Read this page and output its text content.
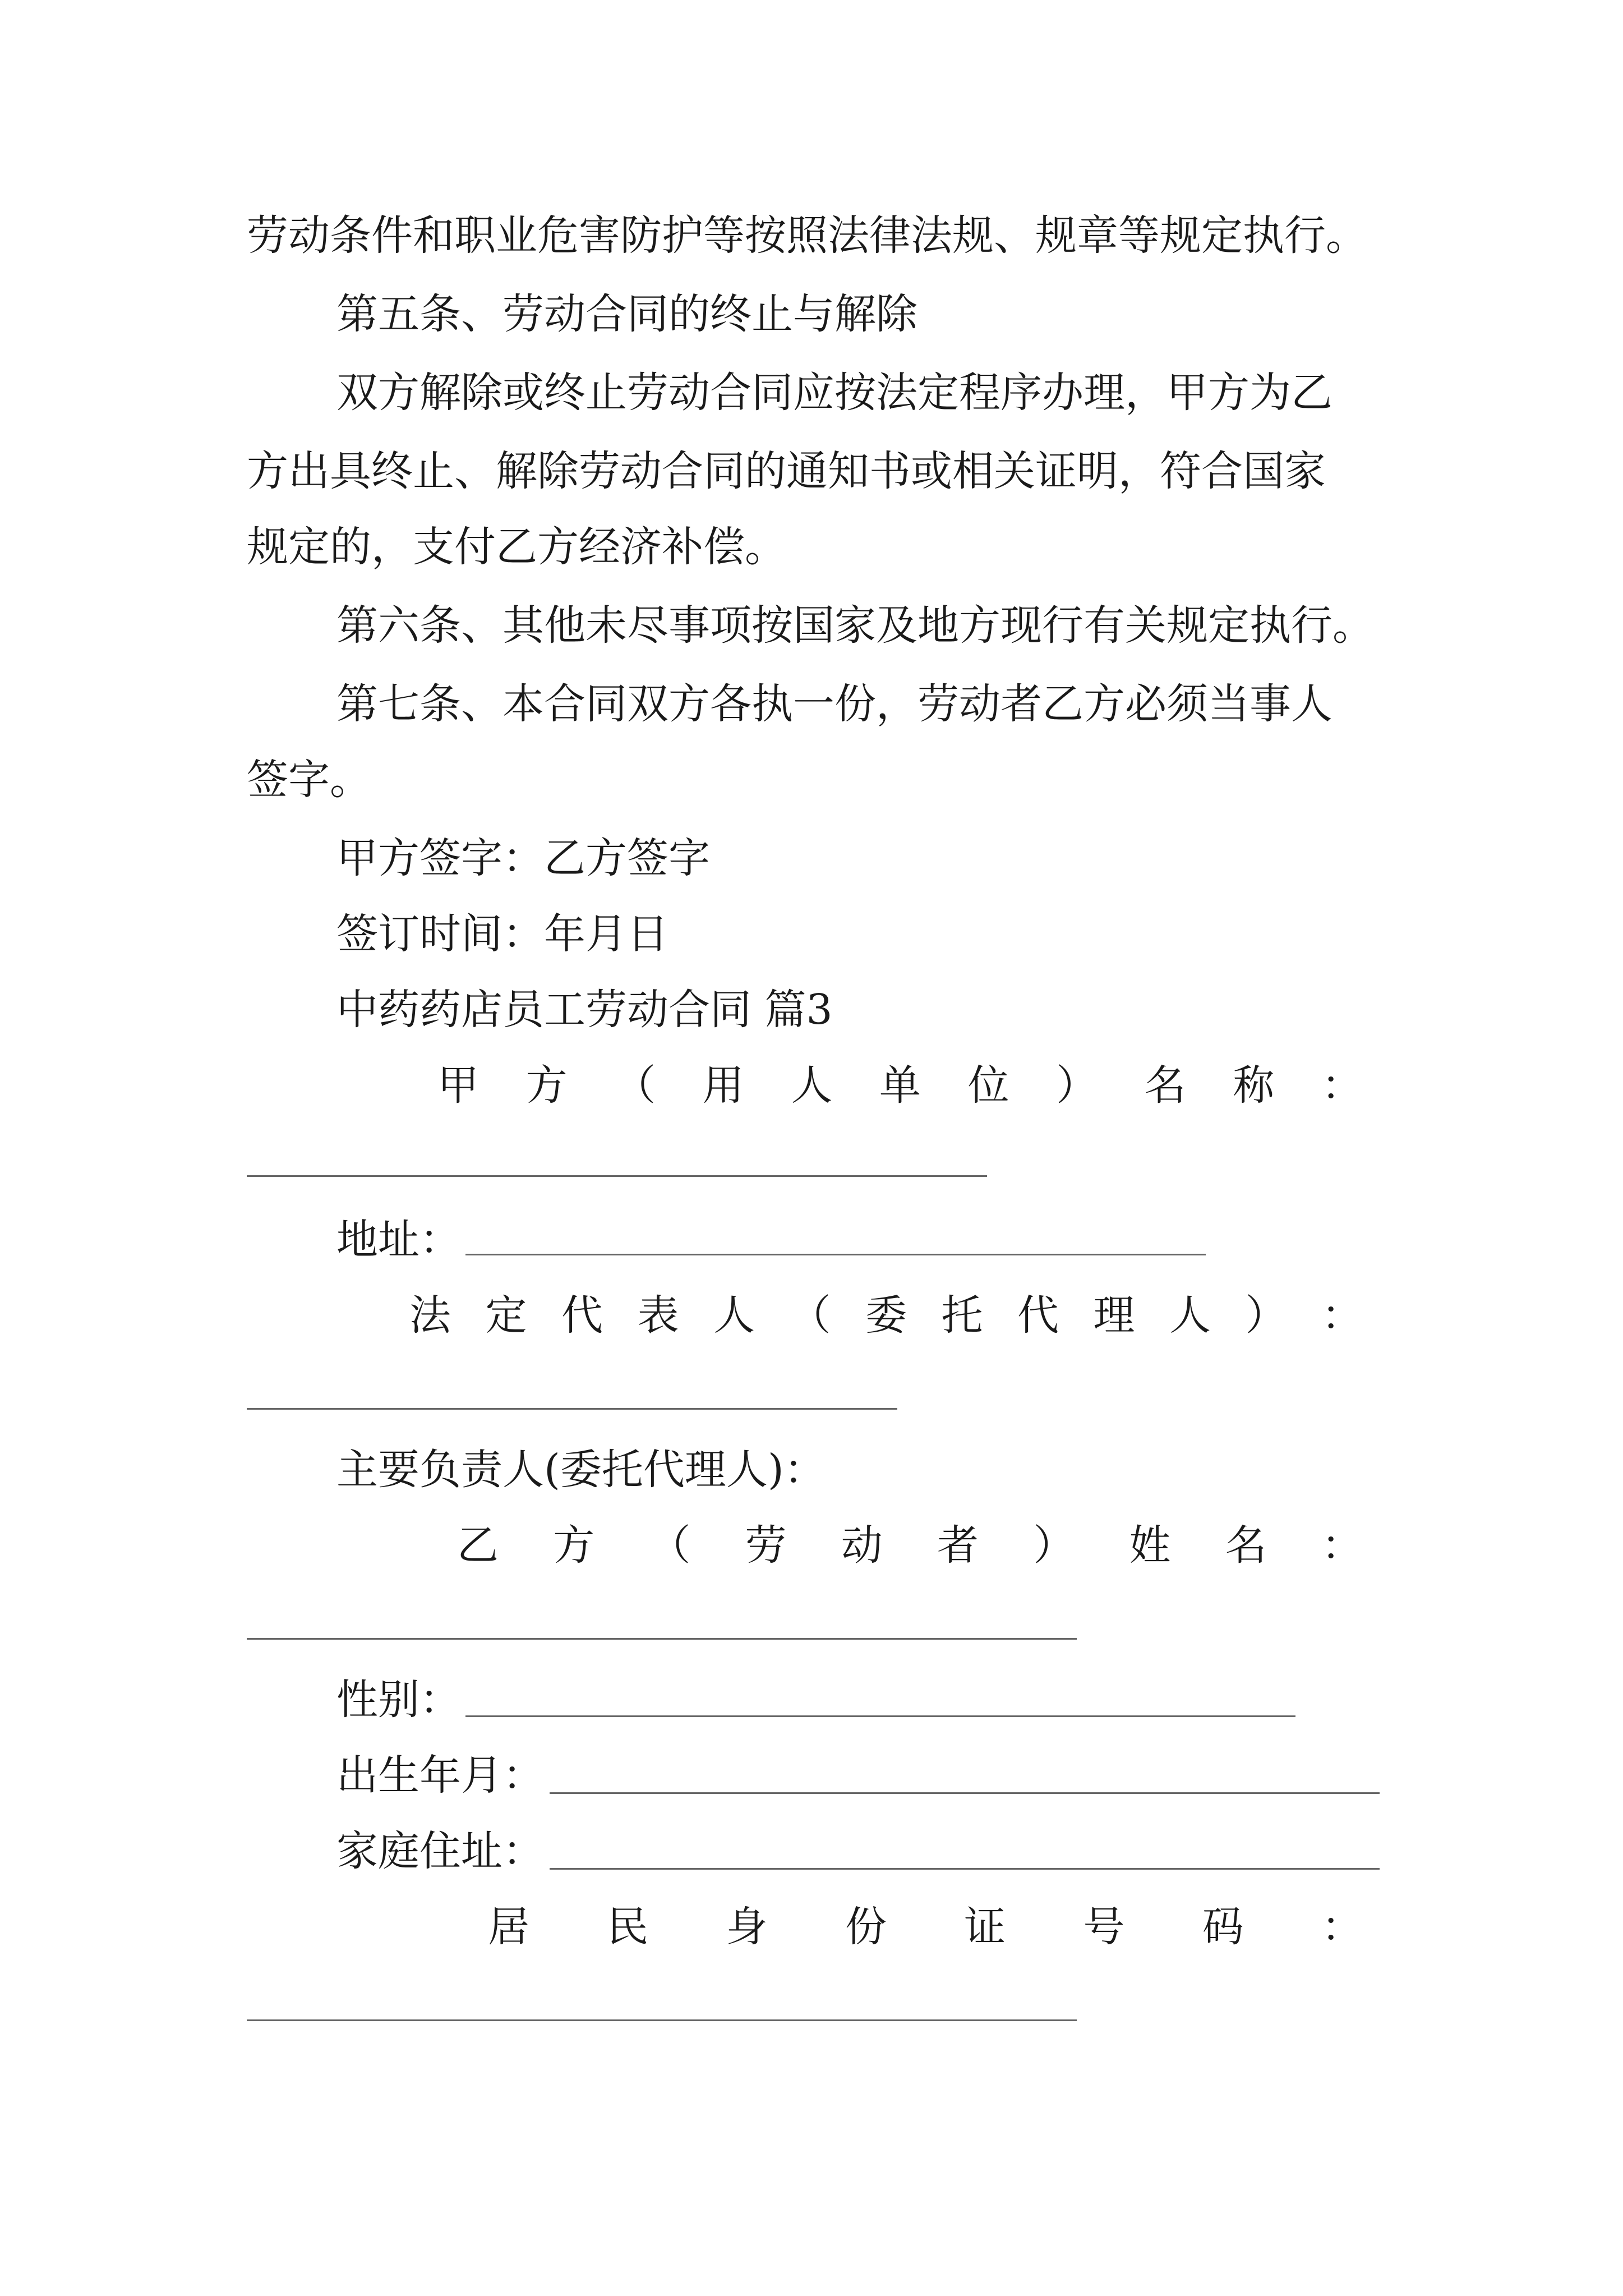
劳动条件和职业危害防护等按照法律法规、规章等规定执行。
第五条、劳动合同的终止与解除
双方解除或终止劳动合同应按法定程序办理，甲方为乙
方出具终止、解除劳动合同的通知书或相关证明，符合国家
规定的，支付乙方经济补偿。
第六条、其他未尽事项按国家及地方现行有关规定执行。
第七条、本合同双方各执一份，劳动者乙方必须当事人
签字。
甲方签字：乙方签字
签订时间：年月日
中药药店员工劳动合同 篇3
甲 方 （ 用 人 单 位 ） 名 称 ：
地址：
法 定 代 表 人 （ 委 托 代 理 人 ） ：
主要负责人(委托代理人)：
乙 方 （ 劳 动 者 ） 姓 名 ：
性别：
出生年月：
家庭住址：
居 民 身 份 证 号 码 ：
